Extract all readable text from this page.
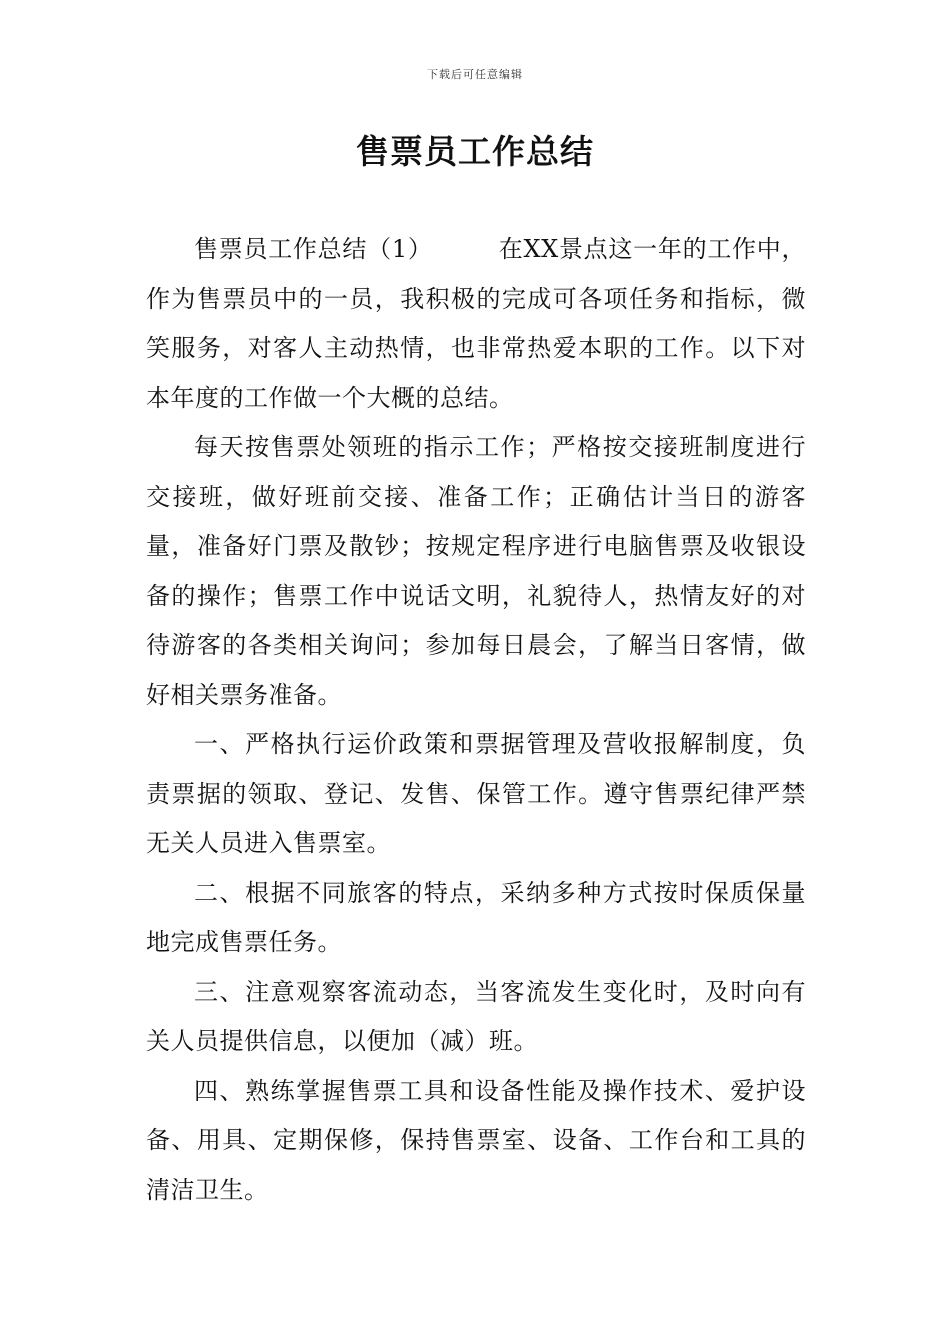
下载后可任意编辑
售票员工作总结

售票员工作总结（1）	在XX景点这一年的工作中，作为售票员中的一员，我积极的完成可各项任务和指标，微笑服务，对客人主动热情，也非常热爱本职的工作。以下对本年度的工作做一个大概的总结。

每天按售票处领班的指示工作；严格按交接班制度进行交接班，做好班前交接、准备工作；正确估计当日的游客量，准备好门票及散钞；按规定程序进行电脑售票及收银设备的操作；售票工作中说话文明，礼貌待人，热情友好的对待游客的各类相关询问；参加每日晨会，了解当日客情，做好相关票务准备。

一、严格执行运价政策和票据管理及营收报解制度，负责票据的领取、登记、发售、保管工作。遵守售票纪律严禁无关人员进入售票室。

二、根据不同旅客的特点，采纳多种方式按时保质保量地完成售票任务。

三、注意观察客流动态，当客流发生变化时，及时向有关人员提供信息，以便加（减）班。

四、熟练掌握售票工具和设备性能及操作技术、爱护设备、用具、定期保修，保持售票室、设备、工作台和工具的清洁卫生。
